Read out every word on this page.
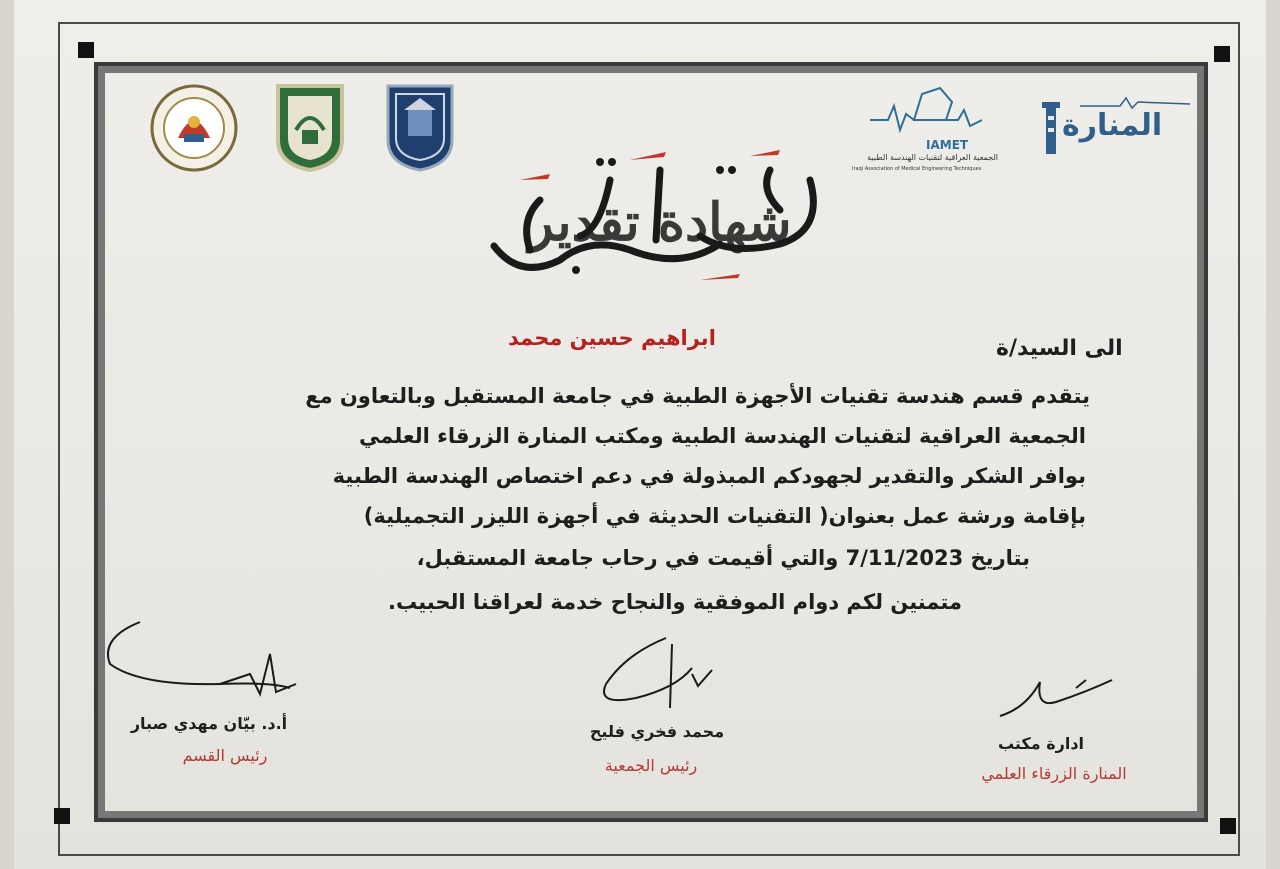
IAMET
الجمعية العراقية لتقنيات الهندسة الطبية
Iraqi Association of Medical Engineering Techniques
المنارة
شهادة تقدير
الى السيد/ة
ابراهيم حسين محمد
يتقدم قسم هندسة تقنيات الأجهزة الطبية في جامعة المستقبل وبالتعاون مع
الجمعية العراقية لتقنيات الهندسة الطبية ومكتب المنارة الزرقاء العلمي
بوافر الشكر والتقدير لجهودكم المبذولة في دعم اختصاص الهندسة الطبية
بإقامة ورشة عمل بعنوان( التقنيات الحديثة في أجهزة الليزر التجميلية)
بتاريخ 7/11/2023 والتي أقيمت في رحاب جامعة المستقبل،
متمنين لكم دوام الموفقية والنجاح خدمة لعراقنا الحبيب.
أ.د. بيّان مهدي صبار
رئيس القسم
محمد فخري فليح
رئيس الجمعية
ادارة مكتب
المنارة الزرقاء العلمي
